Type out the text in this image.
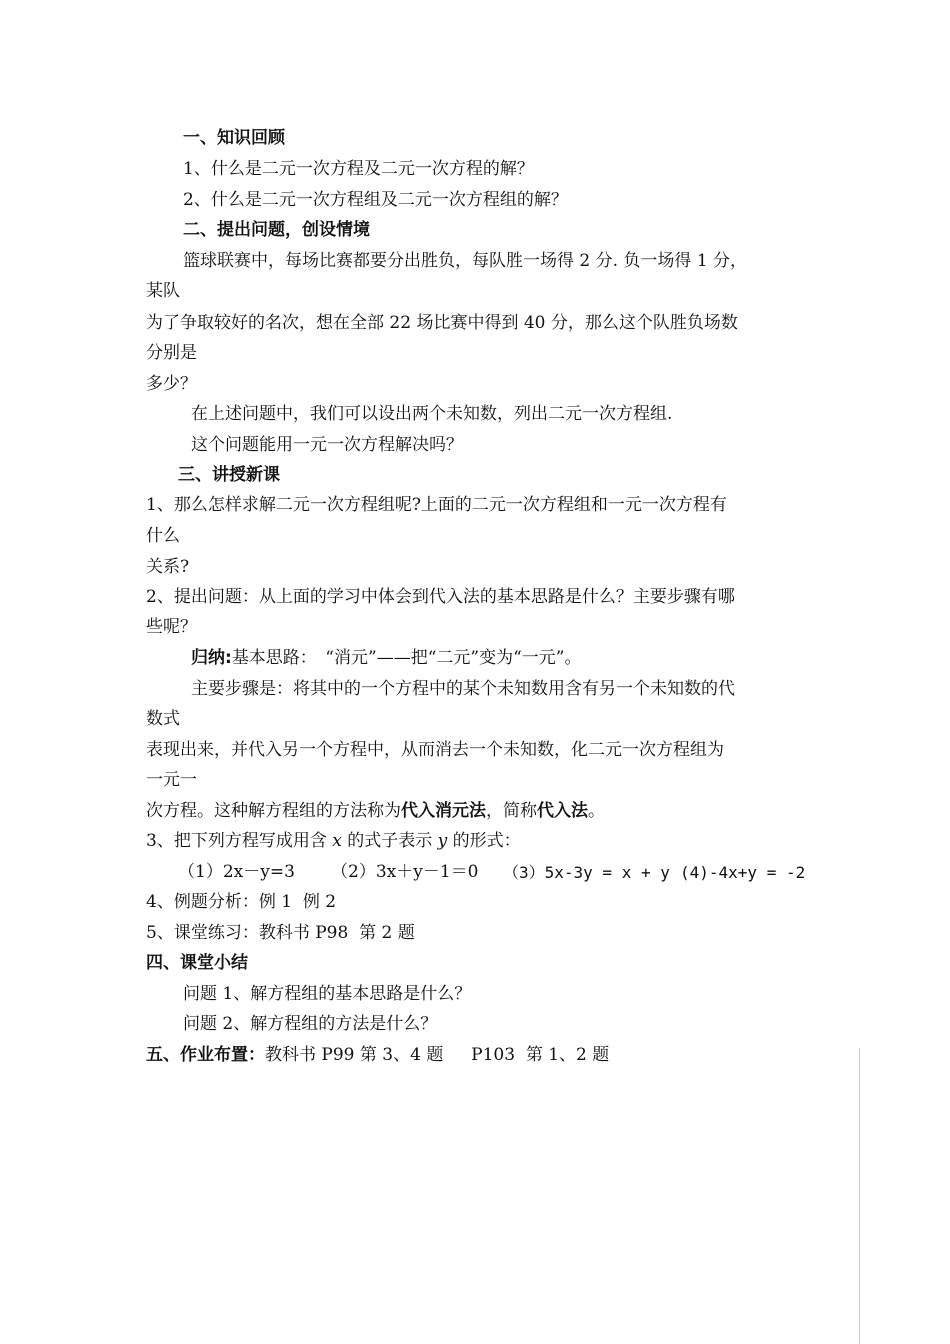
一、知识回顾
1、什么是二元一次方程及二元一次方程的解？
2、什么是二元一次方程组及二元一次方程组的解？
二、提出问题，创设情境
篮球联赛中，每场比赛都要分出胜负，每队胜一场得 2 分. 负一场得 1 分，
某队
为了争取较好的名次，想在全部 22 场比赛中得到 40 分，那么这个队胜负场数
分别是
多少？
在上述问题中，我们可以设出两个未知数，列出二元一次方程组.
这个问题能用一元一次方程解决吗？
三、讲授新课
1、那么怎样求解二元一次方程组呢?上面的二元一次方程组和一元一次方程有
什么
关系?
2、提出问题：从上面的学习中体会到代入法的基本思路是什么？主要步骤有哪
些呢？
归纳:基本思路：　“消元”——把“二元”变为“一元”。
主要步骤是：将其中的一个方程中的某个未知数用含有另一个未知数的代
数式
表现出来，并代入另一个方程中，从而消去一个未知数，化二元一次方程组为
一元一
次方程。这种解方程组的方法称为代入消元法，简称代入法。
3、把下列方程写成用含 x 的式子表示 y 的形式：
（1）2x－y=3 （2）3x＋y－1＝0 （3）5x-3y = x + y (4)-4x+y = -2
4、例题分析：例 1  例 2
5、课堂练习：教科书 P98  第 2 题
四、课堂小结
问题 1、解方程组的基本思路是什么？
问题 2、解方程组的方法是什么？
五、作业布置：教科书 P99 第 3、4 题　  P103  第 1、2 题
